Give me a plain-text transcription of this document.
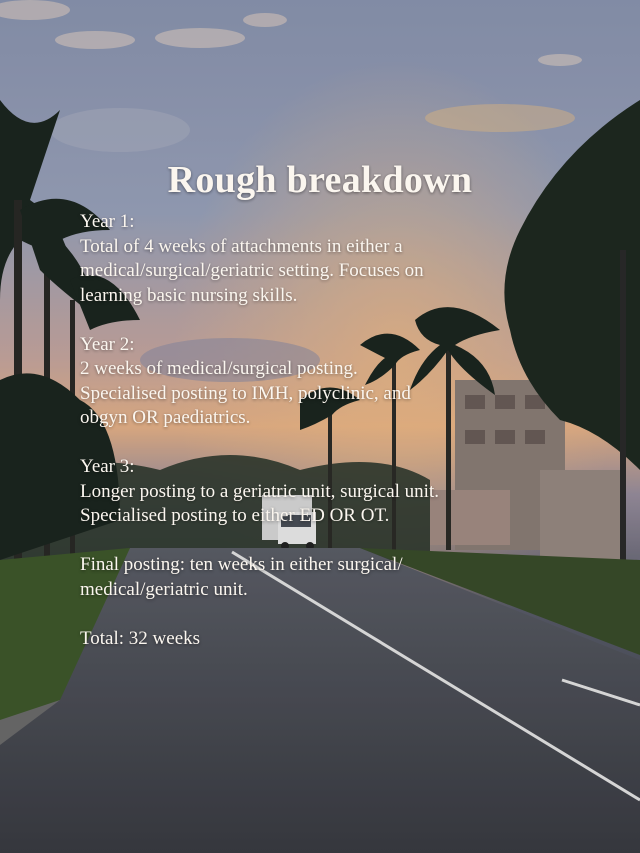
Rough breakdown
Year 1:
Total of 4 weeks of attachments in either a
medical/surgical/geriatric setting. Focuses on
learning basic nursing skills.
Year 2:
2 weeks of medical/surgical posting.
Specialised posting to IMH, polyclinic, and
obgyn OR paediatrics.
Year 3:
Longer posting to a geriatric unit, surgical unit.
Specialised posting to either ED OR OT.
Final posting: ten weeks in either surgical/
medical/geriatric unit.
Total: 32 weeks
